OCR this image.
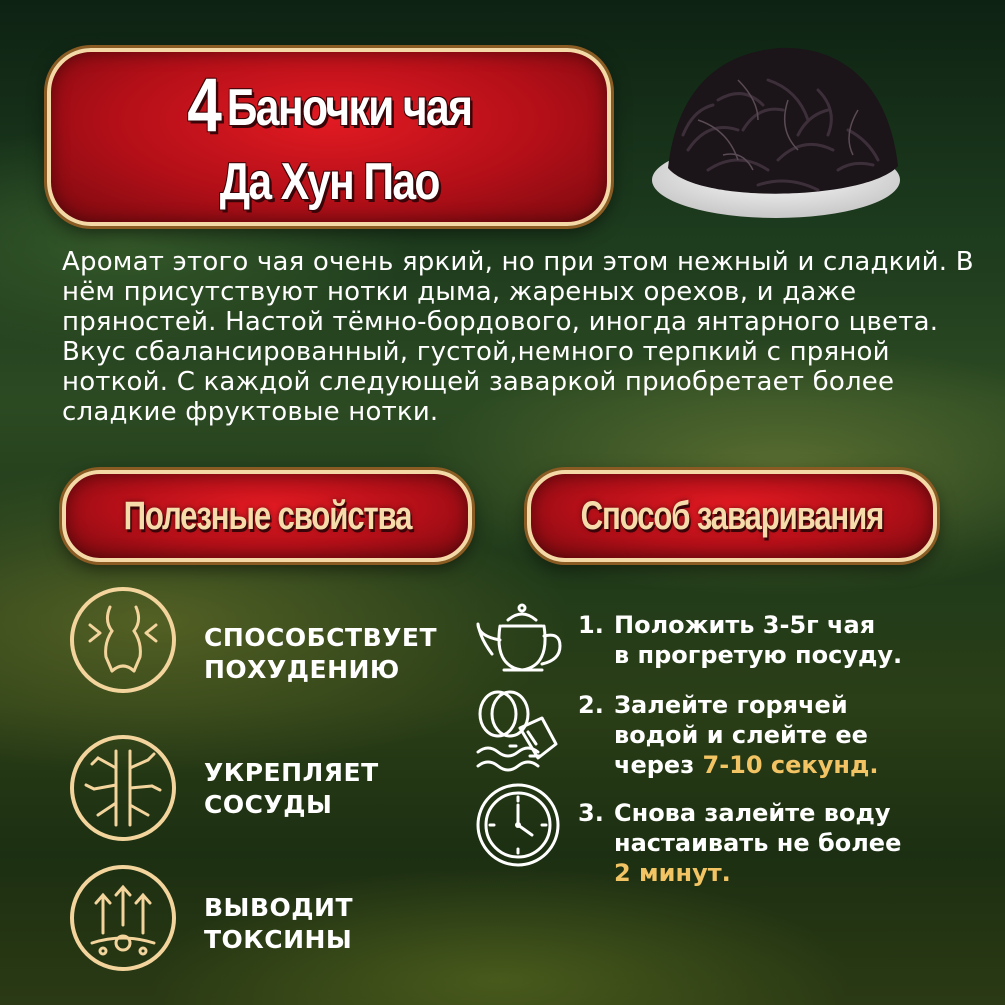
4 Баночки чая
Да Хун Пао

Аромат этого чая очень яркий, но при этом нежный и сладкий. В нём присутствуют нотки дыма, жареных орехов, и даже пряностей. Настой тёмно-бордового, иногда янтарного цвета. Вкус сбалансированный, густой,немного терпкий с пряной ноткой. С каждой следующей заваркой приобретает более сладкие фруктовые нотки.

Полезные свойства	Способ заваривания

СПОСОБСТВУЕТ
ПОХУДЕНИЮ

УКРЕПЛЯЕТ
СОСУДЫ

ВЫВОДИТ
ТОКСИНЫ

1. Положить 3-5г чая
в прогретую посуду.

2. Залейте горячей
водой и слейте ее
через 7-10 секунд.

3. Снова залейте воду
настаивать не более
2 минут.
